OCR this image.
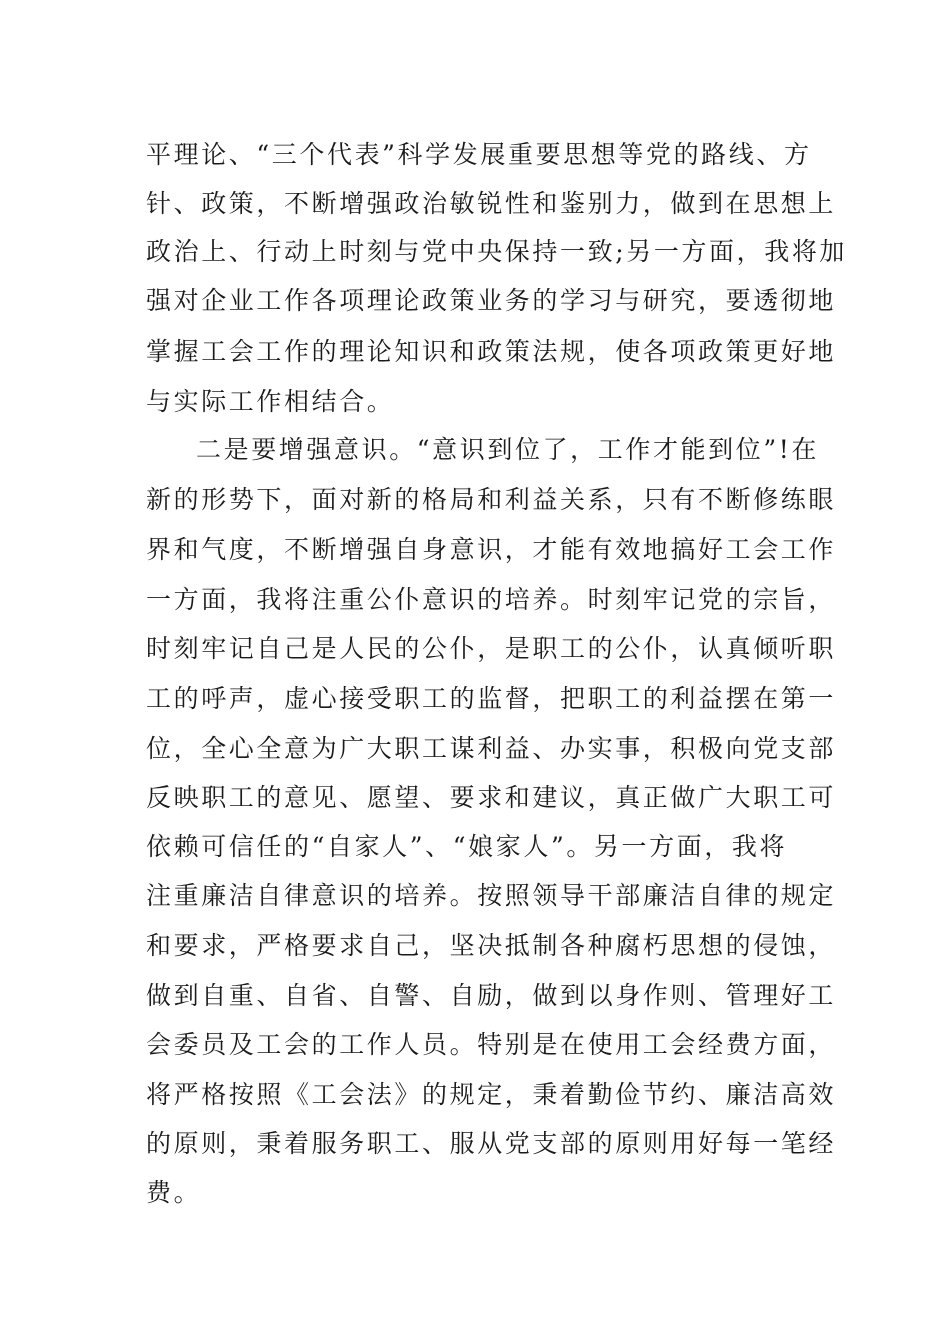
平理论、“三个代表”科学发展重要思想等党的路线、方
针、政策，不断增强政治敏锐性和鉴别力，做到在思想上
政治上、行动上时刻与党中央保持一致;另一方面，我将加
强对企业工作各项理论政策业务的学习与研究，要透彻地
掌握工会工作的理论知识和政策法规，使各项政策更好地
与实际工作相结合。
二是要增强意识。“意识到位了，工作才能到位”!在
新的形势下，面对新的格局和利益关系，只有不断修练眼
界和气度，不断增强自身意识，才能有效地搞好工会工作
一方面，我将注重公仆意识的培养。时刻牢记党的宗旨，
时刻牢记自己是人民的公仆，是职工的公仆，认真倾听职
工的呼声，虚心接受职工的监督，把职工的利益摆在第一
位，全心全意为广大职工谋利益、办实事，积极向党支部
反映职工的意见、愿望、要求和建议，真正做广大职工可
依赖可信任的“自家人”、“娘家人”。另一方面，我将
注重廉洁自律意识的培养。按照领导干部廉洁自律的规定
和要求，严格要求自己，坚决抵制各种腐朽思想的侵蚀，
做到自重、自省、自警、自励，做到以身作则、管理好工
会委员及工会的工作人员。特别是在使用工会经费方面，
将严格按照《工会法》的规定，秉着勤俭节约、廉洁高效
的原则，秉着服务职工、服从党支部的原则用好每一笔经
费。
